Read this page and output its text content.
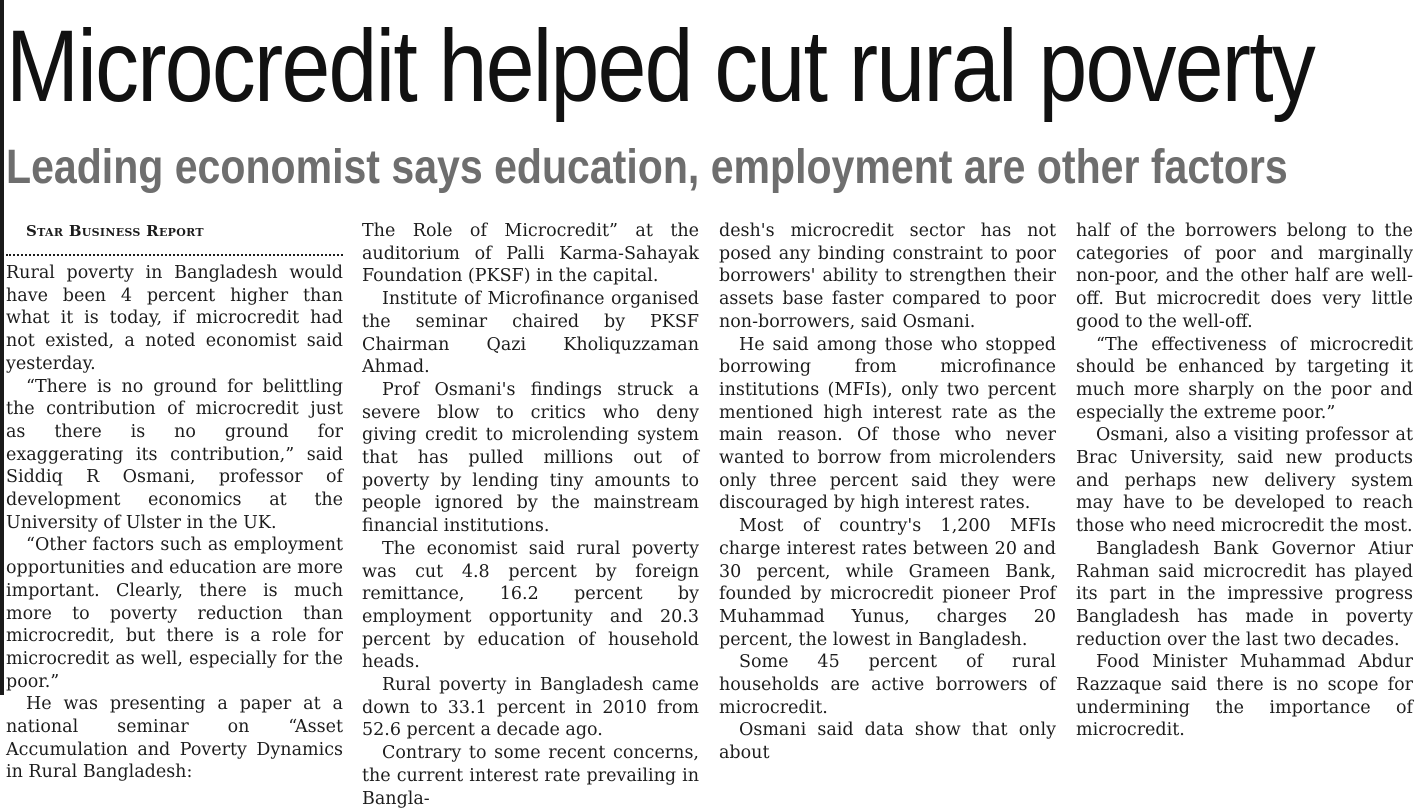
Microcredit helped cut rural poverty
Leading economist says education, employment are other factors

Star Business Report

Rural poverty in Bangladesh would have been 4 percent higher than what it is today, if microcredit had not existed, a noted economist said yesterday.

“There is no ground for belittling the contribution of microcredit just as there is no ground for exaggerating its contribution,” said Siddiq R Osmani, professor of development economics at the University of Ulster in the UK.

“Other factors such as employment opportunities and education are more important. Clearly, there is much more to poverty reduction than microcredit, but there is a role for microcredit as well, especially for the poor.”

He was presenting a paper at a national seminar on “Asset Accumulation and Poverty Dynamics in Rural Bangladesh:

The Role of Microcredit” at the auditorium of Palli Karma-Sahayak Foundation (PKSF) in the capital.

Institute of Microfinance organised the seminar chaired by PKSF Chairman Qazi Kholiquzzaman Ahmad.

Prof Osmani's findings struck a severe blow to critics who deny giving credit to microlending system that has pulled millions out of poverty by lending tiny amounts to people ignored by the mainstream financial institutions.

The economist said rural poverty was cut 4.8 percent by foreign remittance, 16.2 percent by employment opportunity and 20.3 percent by education of household heads.

Rural poverty in Bangladesh came down to 33.1 percent in 2010 from 52.6 percent a decade ago.

Contrary to some recent concerns, the current interest rate prevailing in Bangla-

desh's microcredit sector has not posed any binding constraint to poor borrowers' ability to strengthen their assets base faster compared to poor non-borrowers, said Osmani.

He said among those who stopped borrowing from microfinance institutions (MFIs), only two percent mentioned high interest rate as the main reason. Of those who never wanted to borrow from microlenders only three percent said they were discouraged by high interest rates.

Most of country's 1,200 MFIs charge interest rates between 20 and 30 percent, while Grameen Bank, founded by microcredit pioneer Prof Muhammad Yunus, charges 20 percent, the lowest in Bangladesh.

Some 45 percent of rural households are active borrowers of microcredit.

Osmani said data show that only about

half of the borrowers belong to the categories of poor and marginally non-poor, and the other half are well-off. But microcredit does very little good to the well-off.

“The effectiveness of microcredit should be enhanced by targeting it much more sharply on the poor and especially the extreme poor.”

Osmani, also a visiting professor at Brac University, said new products and perhaps new delivery system may have to be developed to reach those who need microcredit the most.

Bangladesh Bank Governor Atiur Rahman said microcredit has played its part in the impressive progress Bangladesh has made in poverty reduction over the last two decades.

Food Minister Muhammad Abdur Razzaque said there is no scope for undermining the importance of microcredit.
